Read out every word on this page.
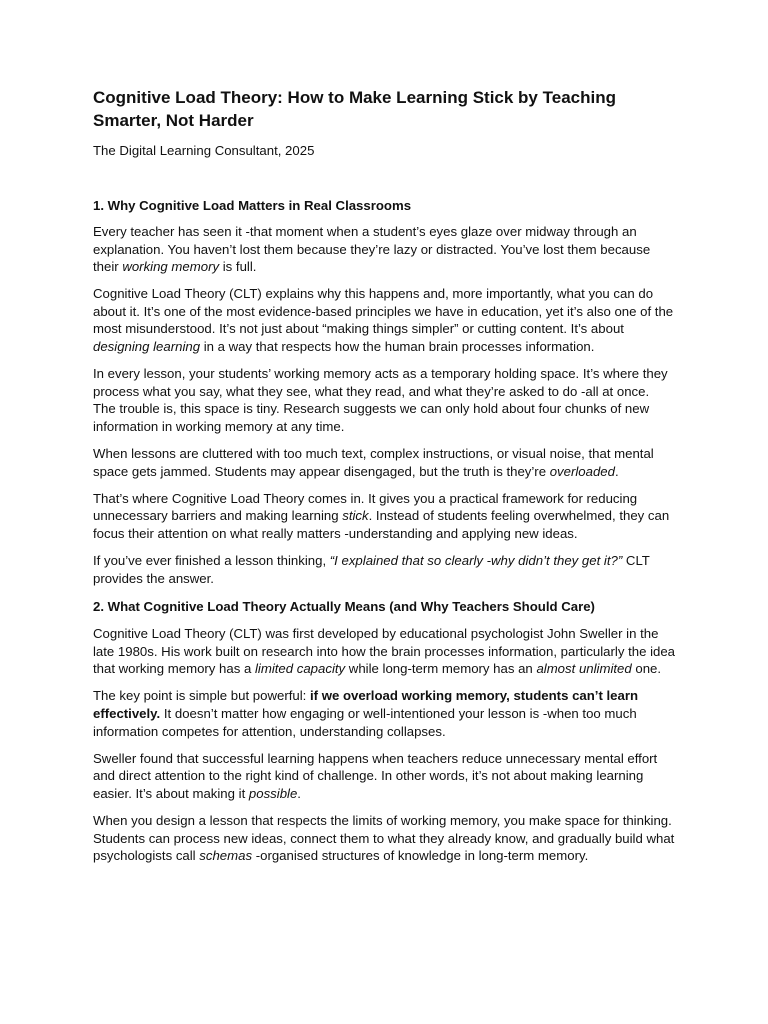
Cognitive Load Theory: How to Make Learning Stick by Teaching Smarter, Not Harder
The Digital Learning Consultant, 2025
1. Why Cognitive Load Matters in Real Classrooms

Every teacher has seen it -that moment when a student’s eyes glaze over midway through an explanation. You haven’t lost them because they’re lazy or distracted. You’ve lost them because their working memory is full.

Cognitive Load Theory (CLT) explains why this happens and, more importantly, what you can do about it. It’s one of the most evidence-based principles we have in education, yet it’s also one of the most misunderstood. It’s not just about “making things simpler” or cutting content. It’s about designing learning in a way that respects how the human brain processes information.

In every lesson, your students’ working memory acts as a temporary holding space. It’s where they process what you say, what they see, what they read, and what they’re asked to do -all at once. The trouble is, this space is tiny. Research suggests we can only hold about four chunks of new information in working memory at any time.

When lessons are cluttered with too much text, complex instructions, or visual noise, that mental space gets jammed. Students may appear disengaged, but the truth is they’re overloaded.

That’s where Cognitive Load Theory comes in. It gives you a practical framework for reducing unnecessary barriers and making learning stick. Instead of students feeling overwhelmed, they can focus their attention on what really matters -understanding and applying new ideas.

If you’ve ever finished a lesson thinking, “I explained that so clearly -why didn’t they get it?” CLT provides the answer.

2. What Cognitive Load Theory Actually Means (and Why Teachers Should Care)

Cognitive Load Theory (CLT) was first developed by educational psychologist John Sweller in the late 1980s. His work built on research into how the brain processes information, particularly the idea that working memory has a limited capacity while long-term memory has an almost unlimited one.

The key point is simple but powerful: if we overload working memory, students can’t learn effectively. It doesn’t matter how engaging or well-intentioned your lesson is -when too much information competes for attention, understanding collapses.

Sweller found that successful learning happens when teachers reduce unnecessary mental effort and direct attention to the right kind of challenge. In other words, it’s not about making learning easier. It’s about making it possible.

When you design a lesson that respects the limits of working memory, you make space for thinking. Students can process new ideas, connect them to what they already know, and gradually build what psychologists call schemas -organised structures of knowledge in long-term memory.
